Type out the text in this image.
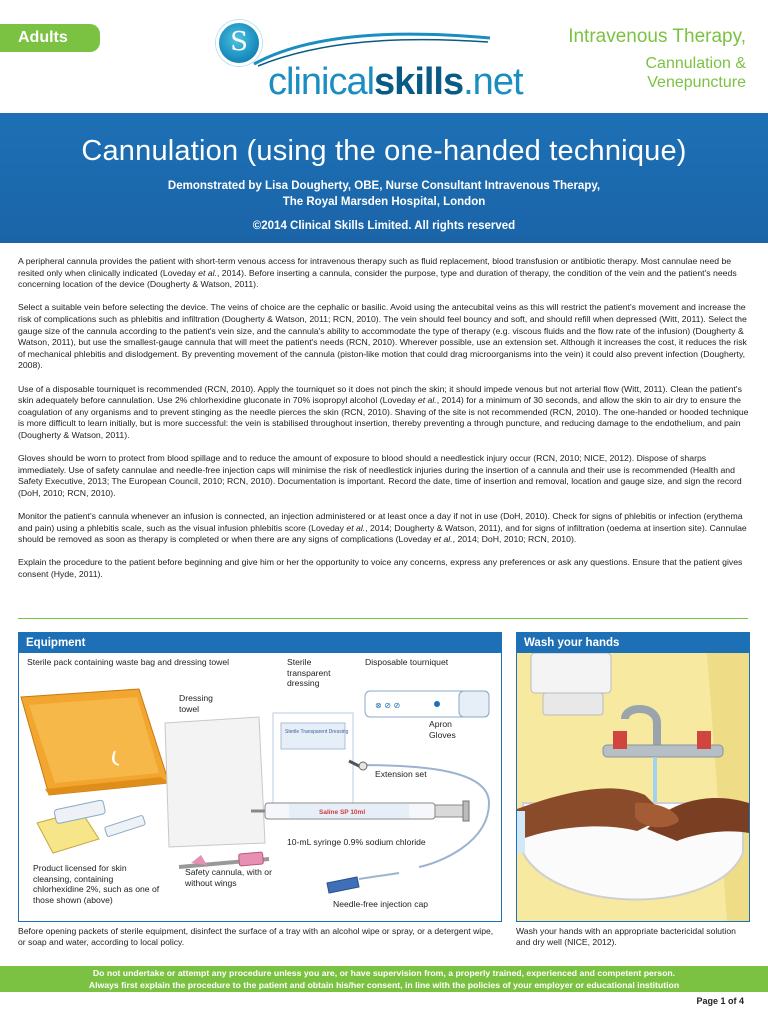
Adults	S
clinicalskills.net
Intravenous Therapy,
Cannulation &
Venepuncture
Cannulation (using the one-handed technique)
Demonstrated by Lisa Dougherty, OBE, Nurse Consultant Intravenous Therapy,
The Royal Marsden Hospital, London
©2014 Clinical Skills Limited. All rights reserved

A peripheral cannula provides the patient with short-term venous access for intravenous therapy such as fluid replacement, blood transfusion or antibiotic therapy. Most cannulae need be resited only when clinically indicated (Loveday et al., 2014). Before inserting a cannula, consider the purpose, type and duration of therapy, the condition of the vein and the patient's needs concerning location of the device (Dougherty & Watson, 2011).

Select a suitable vein before selecting the device. The veins of choice are the cephalic or basilic. Avoid using the antecubital veins as this will restrict the patient's movement and increase the risk of complications such as phlebitis and infiltration (Dougherty & Watson, 2011; RCN, 2010). The vein should feel bouncy and soft, and should refill when depressed (Witt, 2011). Select the gauge size of the cannula according to the patient's vein size, and the cannula's ability to accommodate the type of therapy (e.g. viscous fluids and the flow rate of the infusion) (Dougherty & Watson, 2011), but use the smallest-gauge cannula that will meet the patient's needs (RCN, 2010). Wherever possible, use an extension set. Although it increases the cost, it reduces the risk of mechanical phlebitis and dislodgement. By preventing movement of the cannula (piston-like motion that could drag microorganisms into the vein) it could also prevent infection (Dougherty, 2008).

Use of a disposable tourniquet is recommended (RCN, 2010). Apply the tourniquet so it does not pinch the skin; it should impede venous but not arterial flow (Witt, 2011). Clean the patient's skin adequately before cannulation. Use 2% chlorhexidine gluconate in 70% isopropyl alcohol (Loveday et al., 2014) for a minimum of 30 seconds, and allow the skin to air dry to ensure the coagulation of any organisms and to prevent stinging as the needle pierces the skin (RCN, 2010). Shaving of the site is not recommended (RCN, 2010). The one-handed or hooded technique is more difficult to learn initially, but is more successful: the vein is stabilised throughout insertion, thereby preventing a through puncture, and reducing damage to the endothelium, and pain (Dougherty & Watson, 2011).

Gloves should be worn to protect from blood spillage and to reduce the amount of exposure to blood should a needlestick injury occur (RCN, 2010; NICE, 2012). Dispose of sharps immediately. Use of safety cannulae and needle-free injection caps will minimise the risk of needlestick injuries during the insertion of a cannula and their use is recommended (Health and Safety Executive, 2013; The European Council, 2010; RCN, 2010). Documentation is important. Record the date, time of insertion and removal, location and gauge size, and sign the record (DoH, 2010; RCN, 2010).

Monitor the patient's cannula whenever an infusion is connected, an injection administered or at least once a day if not in use (DoH, 2010). Check for signs of phlebitis or infection (erythema and pain) using a phlebitis scale, such as the visual infusion phlebitis score (Loveday et al., 2014; Dougherty & Watson, 2011), and for signs of infiltration (oedema at insertion site). Cannulae should be removed as soon as therapy is completed or when there are any signs of complications (Loveday et al., 2014; DoH, 2010; RCN, 2010).

Explain the procedure to the patient before beginning and give him or her the opportunity to voice any concerns, express any preferences or ask any questions. Ensure that the patient gives consent (Hyde, 2011).

Equipment
Sterile Transparent Dressing
⊗ ⊘ ⊘
Saline SP 10ml
Sterile pack containing waste bag and dressing towel	Sterile transparent dressing
Disposable tourniquet
Dressing towel
Apron
Gloves
Extension set
10-mL syringe 0.9% sodium chloride
Product licensed for skin cleansing, containing chlorhexidine 2%, such as one of those shown (above)
Safety cannula, with or without wings
Needle-free injection cap
Wash your hands
Before opening packets of sterile equipment, disinfect the surface of a tray with an alcohol wipe or spray, or a detergent wipe, or soap and water, according to local policy.
Wash your hands with an appropriate bactericidal solution and dry well (NICE, 2012).
Do not undertake or attempt any procedure unless you are, or have supervision from, a properly trained, experienced and competent person.
Always first explain the procedure to the patient and obtain his/her consent, in line with the policies of your employer or educational institution
Page 1 of 4
